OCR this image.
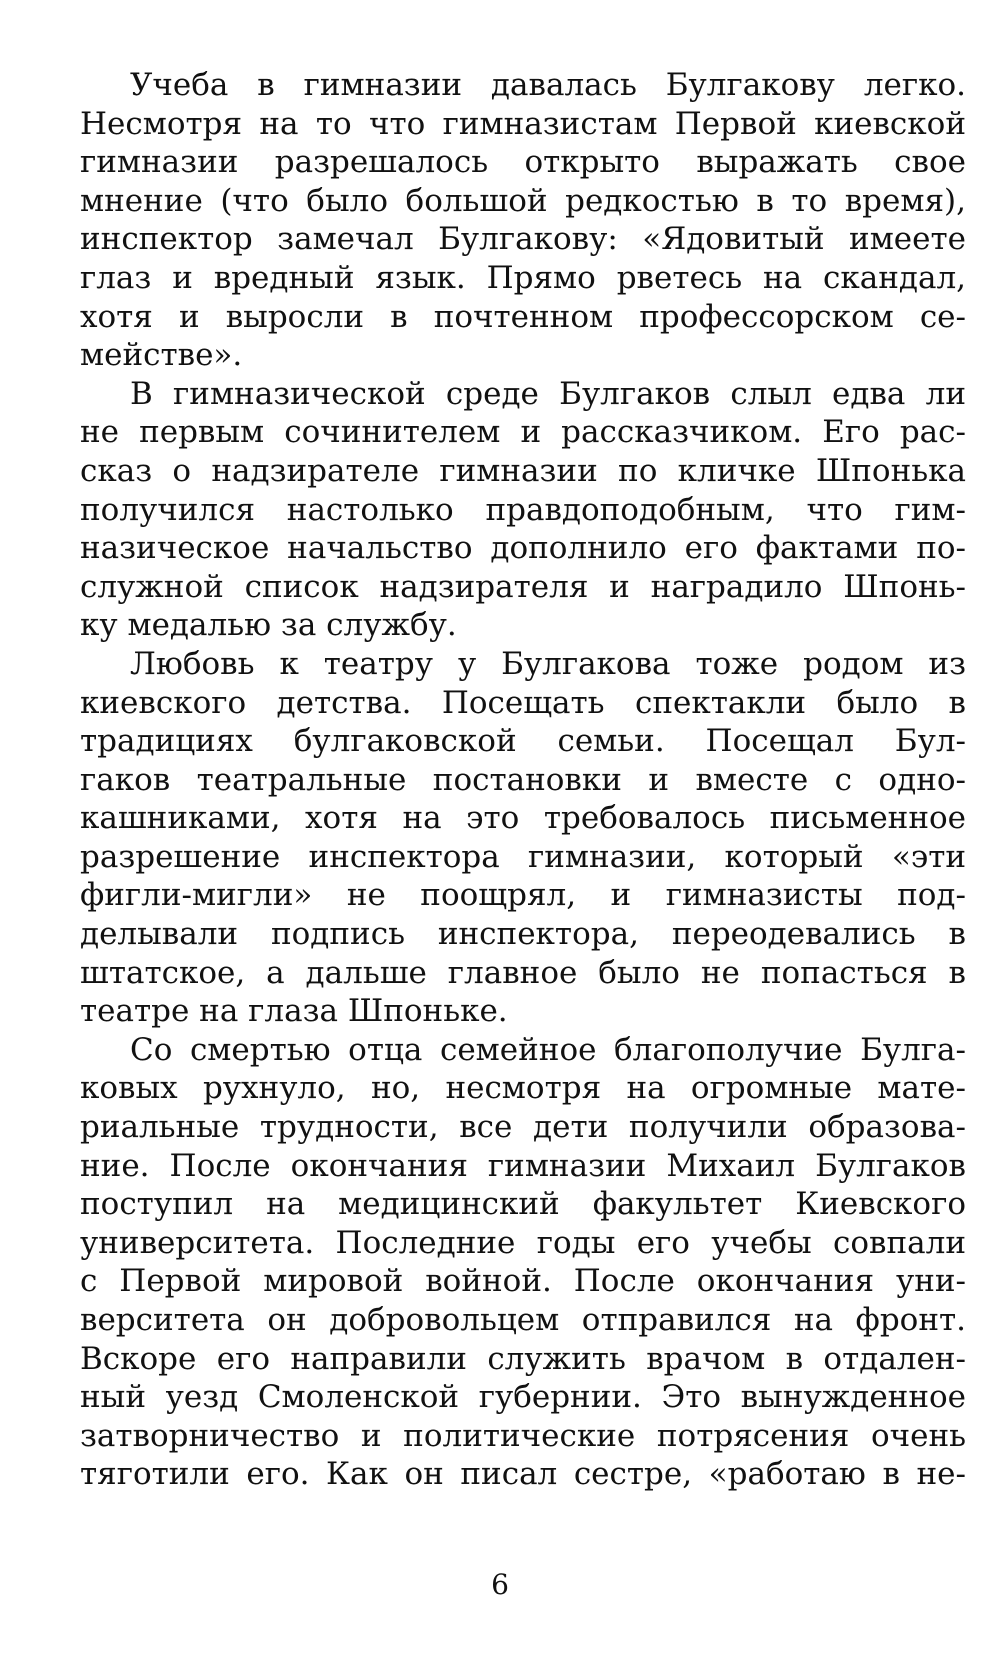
Учеба в гимназии давалась Булгакову легко.
Несмотря на то что гимназистам Первой киевской
гимназии разрешалось открыто выражать свое
мнение (что было большой редкостью в то время),
инспектор замечал Булгакову: «Ядовитый имеете
глаз и вредный язык. Прямо рветесь на скандал,
хотя и выросли в почтенном профессорском се-
мействе».
В гимназической среде Булгаков слыл едва ли
не первым сочинителем и рассказчиком. Его рас-
сказ о надзирателе гимназии по кличке Шпонька
получился настолько правдоподобным, что гим-
назическое начальство дополнило его фактами по-
служной список надзирателя и наградило Шпонь-
ку медалью за службу.
Любовь к театру у Булгакова тоже родом из
киевского детства. Посещать спектакли было в
традициях булгаковской семьи. Посещал Бул-
гаков театральные постановки и вместе с одно-
кашниками, хотя на это требовалось письменное
разрешение инспектора гимназии, который «эти
фигли-мигли» не поощрял, и гимназисты под-
делывали подпись инспектора, переодевались в
штатское, а дальше главное было не попасться в
театре на глаза Шпоньке.
Со смертью отца семейное благополучие Булга-
ковых рухнуло, но, несмотря на огромные мате-
риальные трудности, все дети получили образова-
ние. После окончания гимназии Михаил Булгаков
поступил на медицинский факультет Киевского
университета. Последние годы его учебы совпали
с Первой мировой войной. После окончания уни-
верситета он добровольцем отправился на фронт.
Вскоре его направили служить врачом в отдален-
ный уезд Смоленской губернии. Это вынужденное
затворничество и политические потрясения очень
тяготили его. Как он писал сестре, «работаю в не-
6
